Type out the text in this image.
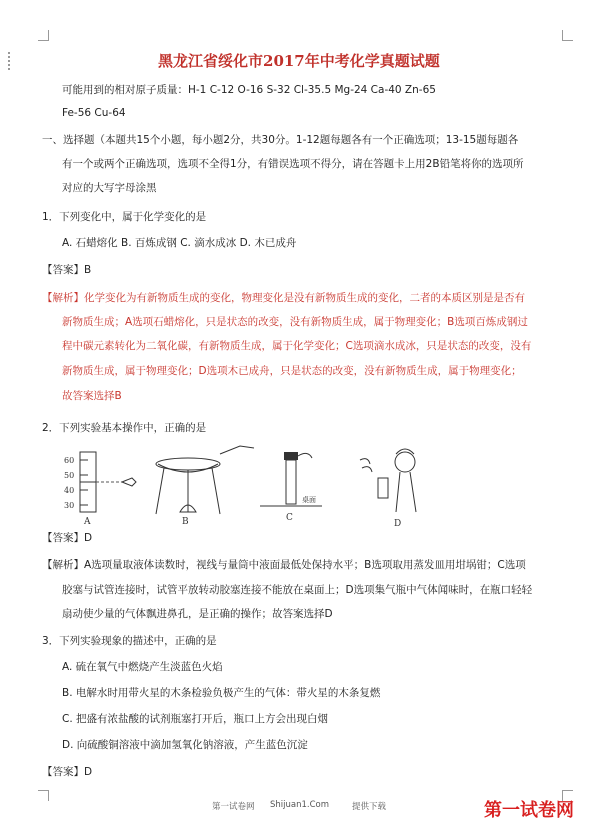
黑龙江省绥化市2017年中考化学真题试题
可能用到的相对原子质量：H-1 C-12 O-16 S-32 Cl-35.5 Mg-24 Ca-40 Zn-65
Fe-56 Cu-64
一、选择题（本题共15个小题，每小题2分，共30分。1-12题每题各有一个正确选项；13-15题每题各
有一个或两个正确选项，选项不全得1分，有错误选项不得分，请在答题卡上用2B铅笔将你的选项所
对应的大写字母涂黑
1．下列变化中，属于化学变化的是
A. 石蜡熔化 B. 百炼成钢 C. 滴水成冰 D. 木已成舟
【答案】B
【解析】化学变化为有新物质生成的变化，物理变化是没有新物质生成的变化，二者的本质区别是是否有
新物质生成；A选项石蜡熔化，只是状态的改变，没有新物质生成，属于物理变化；B选项百炼成钢过
程中碳元素转化为二氧化碳，有新物质生成，属于化学变化；C选项滴水成冰，只是状态的改变，没有
新物质生成，属于物理变化；D选项木已成舟，只是状态的改变，没有新物质生成，属于物理变化；
故答案选择B
2．下列实验基本操作中，正确的是
60
50
40
30
A	B
桌面
C
D
【答案】D
【解析】A选项量取液体读数时，视线与量筒中液面最低处保持水平；B选项取用蒸发皿用坩埚钳；C选项
胶塞与试管连接时，试管平放转动胶塞连接不能放在桌面上；D选项集气瓶中气体闻味时，在瓶口轻轻
扇动使少量的气体飘进鼻孔，是正确的操作；故答案选择D
3．下列实验现象的描述中，正确的是
A. 硫在氧气中燃烧产生淡蓝色火焰
B. 电解水时用带火星的木条检验负极产生的气体：带火星的木条复燃
C. 把盛有浓盐酸的试剂瓶塞打开后，瓶口上方会出现白烟
D. 向硫酸铜溶液中滴加氢氧化钠溶液，产生蓝色沉淀
【答案】D
第一试卷网 Shijuan1.Com	提供下载	第一试卷网
